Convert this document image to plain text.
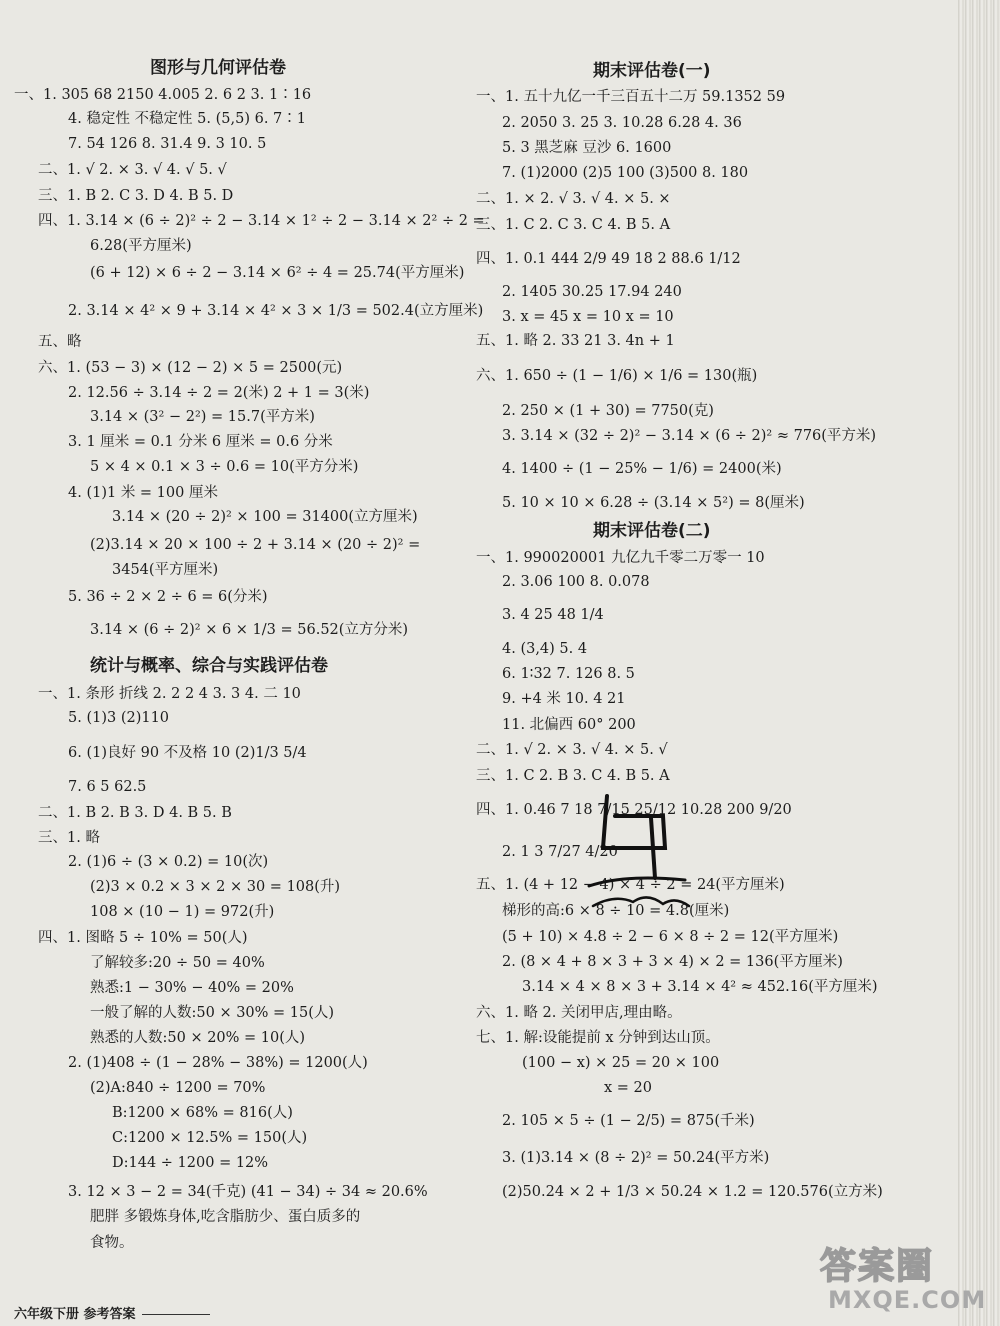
图形与几何评估卷
一、1. 305 68 2150 4.005 2. 6 2 3. 1∶16
4. 稳定性 不稳定性 5. (5,5) 6. 7∶1
7. 54 126 8. 31.4 9. 3 10. 5
二、1. √ 2. × 3. √ 4. √ 5. √
三、1. B 2. C 3. D 4. B 5. D
四、1. 3.14 × (6 ÷ 2)² ÷ 2 − 3.14 × 1² ÷ 2 − 3.14 × 2² ÷ 2 =
6.28(平方厘米)
(6 + 12) × 6 ÷ 2 − 3.14 × 6² ÷ 4 = 25.74(平方厘米)
2. 3.14 × 4² × 9 + 3.14 × 4² × 3 × 1/3 = 502.4(立方厘米)
五、略
六、1. (53 − 3) × (12 − 2) × 5 = 2500(元)
2. 12.56 ÷ 3.14 ÷ 2 = 2(米) 2 + 1 = 3(米)
3.14 × (3² − 2²) = 15.7(平方米)
3. 1 厘米 = 0.1 分米 6 厘米 = 0.6 分米
5 × 4 × 0.1 × 3 ÷ 0.6 = 10(平方分米)
4. (1)1 米 = 100 厘米
3.14 × (20 ÷ 2)² × 100 = 31400(立方厘米)
(2)3.14 × 20 × 100 ÷ 2 + 3.14 × (20 ÷ 2)² =
3454(平方厘米)
5. 36 ÷ 2 × 2 ÷ 6 = 6(分米)
3.14 × (6 ÷ 2)² × 6 × 1/3 = 56.52(立方分米)
统计与概率、综合与实践评估卷
一、1. 条形 折线 2. 2 2 4 3. 3 4. 二 10
5. (1)3 (2)110
6. (1)良好 90 不及格 10 (2)1/3 5/4
7. 6 5 62.5
二、1. B 2. B 3. D 4. B 5. B
三、1. 略
2. (1)6 ÷ (3 × 0.2) = 10(次)
(2)3 × 0.2 × 3 × 2 × 30 = 108(升)
108 × (10 − 1) = 972(升)
四、1. 图略 5 ÷ 10% = 50(人)
了解较多:20 ÷ 50 = 40%
熟悉:1 − 30% − 40% = 20%
一般了解的人数:50 × 30% = 15(人)
熟悉的人数:50 × 20% = 10(人)
2. (1)408 ÷ (1 − 28% − 38%) = 1200(人)
(2)A:840 ÷ 1200 = 70%
B:1200 × 68% = 816(人)
C:1200 × 12.5% = 150(人)
D:144 ÷ 1200 = 12%
3. 12 × 3 − 2 = 34(千克) (41 − 34) ÷ 34 ≈ 20.6%
肥胖 多锻炼身体,吃含脂肪少、蛋白质多的
食物。
期末评估卷(一)
一、1. 五十九亿一千三百五十二万 59.1352 59
2. 2050 3. 25 3. 10.28 6.28 4. 36
5. 3 黑芝麻 豆沙 6. 1600
7. (1)2000 (2)5 100 (3)500 8. 180
二、1. × 2. √ 3. √ 4. × 5. ×
三、1. C 2. C 3. C 4. B 5. A
四、1. 0.1 444 2/9 49 18 2 88.6 1/12
2. 1405 30.25 17.94 240
3. x = 45 x = 10 x = 10
五、1. 略 2. 33 21 3. 4n + 1
六、1. 650 ÷ (1 − 1/6) × 1/6 = 130(瓶)
2. 250 × (1 + 30) = 7750(克)
3. 3.14 × (32 ÷ 2)² − 3.14 × (6 ÷ 2)² ≈ 776(平方米)
4. 1400 ÷ (1 − 25% − 1/6) = 2400(米)
5. 10 × 10 × 6.28 ÷ (3.14 × 5²) = 8(厘米)
期末评估卷(二)
一、1. 990020001 九亿九千零二万零一 10
2. 3.06 100 8. 0.078
3. 4 25 48 1/4
4. (3,4) 5. 4
6. 1∶32 7. 126 8. 5
9. +4 米 10. 4 21
11. 北偏西 60° 200
二、1. √ 2. × 3. √ 4. × 5. √
三、1. C 2. B 3. C 4. B 5. A
四、1. 0.46 7 18 7/15 25/12 10.28 200 9/20
2. 1 3 7/27 4/20
五、1. (4 + 12 − 4) × 4 ÷ 2 = 24(平方厘米)
梯形的高:6 × 8 ÷ 10 = 4.8(厘米)
(5 + 10) × 4.8 ÷ 2 − 6 × 8 ÷ 2 = 12(平方厘米)
2. (8 × 4 + 8 × 3 + 3 × 4) × 2 = 136(平方厘米)
3.14 × 4 × 8 × 3 + 3.14 × 4² ≈ 452.16(平方厘米)
六、1. 略 2. 关闭甲店,理由略。
七、1. 解:设能提前 x 分钟到达山顶。
(100 − x) × 25 = 20 × 100
x = 20
2. 105 × 5 ÷ (1 − 2/5) = 875(千米)
3. (1)3.14 × (8 ÷ 2)² = 50.24(平方米)
(2)50.24 × 2 + 1/3 × 50.24 × 1.2 = 120.576(立方米)
六年级下册 参考答案
答案圈
MXQE.COM
